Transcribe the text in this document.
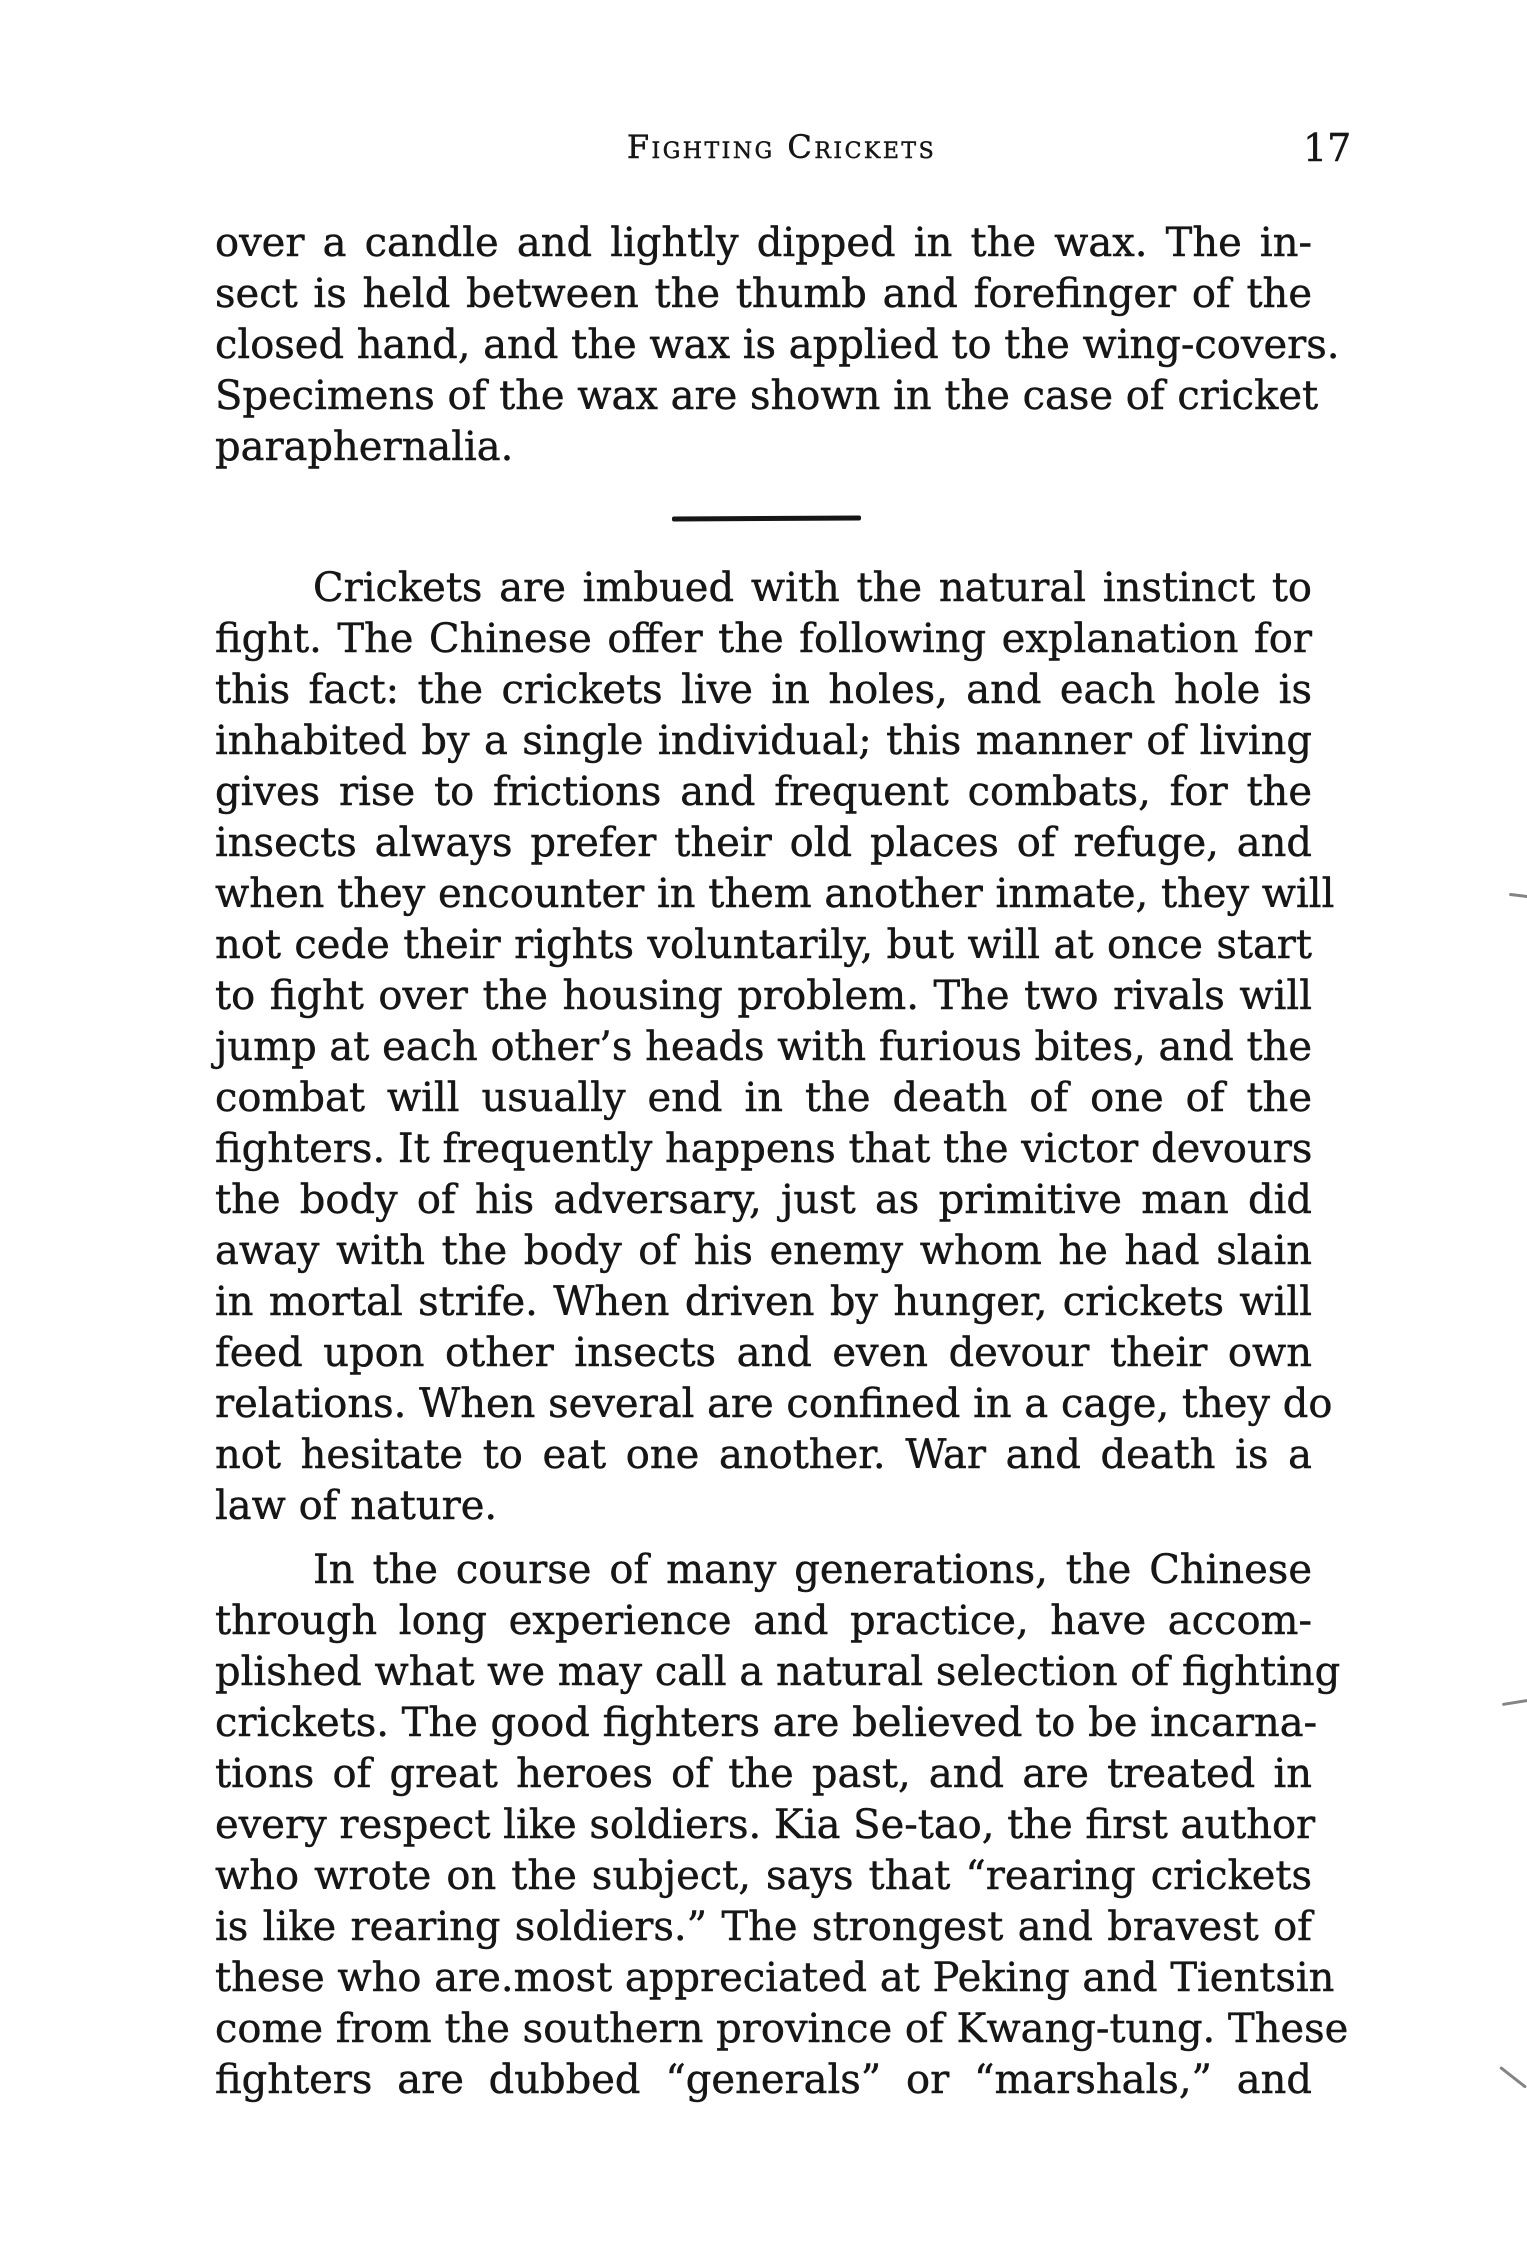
Fighting Crickets	17
over a candle and lightly dipped in the wax. The in-
sect is held between the thumb and forefinger of the
closed hand, and the wax is applied to the wing-covers.
Specimens of the wax are shown in the case of cricket
paraphernalia.
Crickets are imbued with the natural instinct to
fight. The Chinese offer the following explanation for
this fact: the crickets live in holes, and each hole is
inhabited by a single individual; this manner of living
gives rise to frictions and frequent combats, for the
insects always prefer their old places of refuge, and
when they encounter in them another inmate, they will
not cede their rights voluntarily, but will at once start
to fight over the housing problem. The two rivals will
jump at each other’s heads with furious bites, and the
combat will usually end in the death of one of the
fighters. It frequently happens that the victor devours
the body of his adversary, just as primitive man did
away with the body of his enemy whom he had slain
in mortal strife. When driven by hunger, crickets will
feed upon other insects and even devour their own
relations. When several are confined in a cage, they do
not hesitate to eat one another. War and death is a
law of nature.
In the course of many generations, the Chinese
through long experience and practice, have accom-
plished what we may call a natural selection of fighting
crickets. The good fighters are believed to be incarna-
tions of great heroes of the past, and are treated in
every respect like soldiers. Kia Se-tao, the first author
who wrote on the subject, says that “rearing crickets
is like rearing soldiers.” The strongest and bravest of
these who are.most appreciated at Peking and Tientsin
come from the southern province of Kwang-tung. These
fighters are dubbed “generals” or “marshals,” and
